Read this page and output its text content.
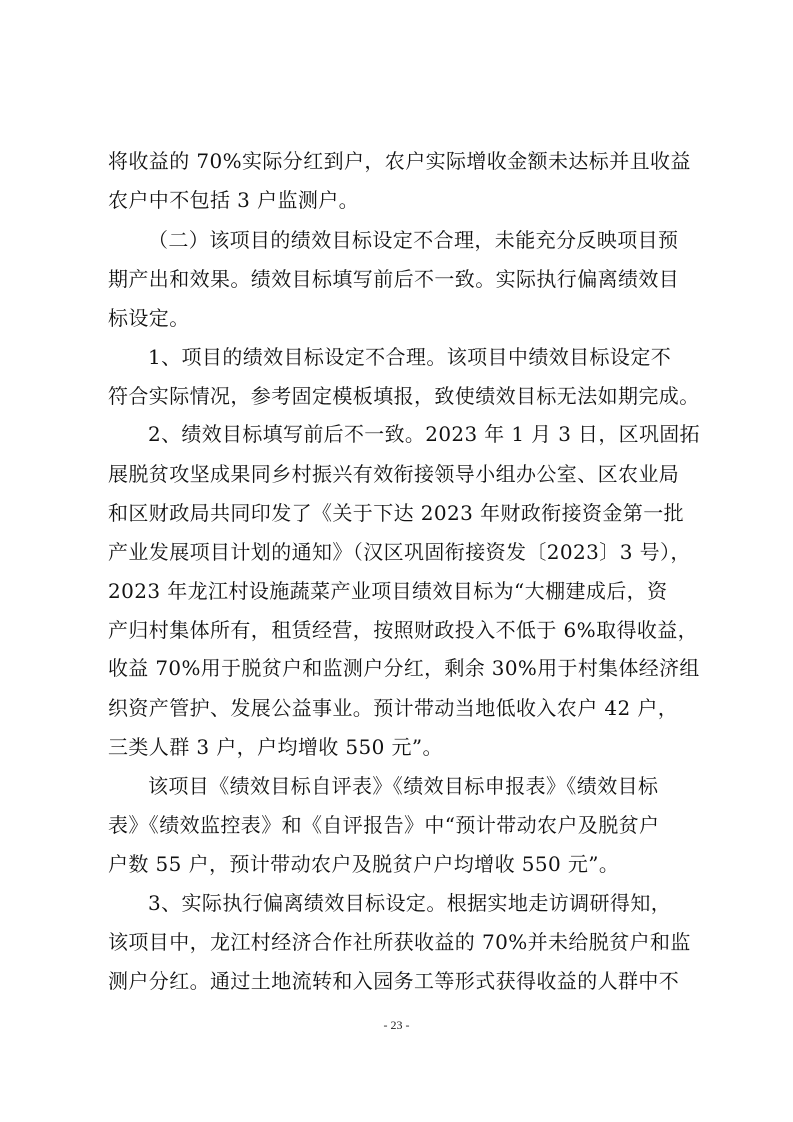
将收益的 70%实际分红到户，农户实际增收金额未达标并且收益
农户中不包括 3 户监测户。
（二）该项目的绩效目标设定不合理，未能充分反映项目预
期产出和效果。绩效目标填写前后不一致。实际执行偏离绩效目
标设定。
1、项目的绩效目标设定不合理。该项目中绩效目标设定不
符合实际情况，参考固定模板填报，致使绩效目标无法如期完成。
2、绩效目标填写前后不一致。2023 年 1 月 3 日，区巩固拓
展脱贫攻坚成果同乡村振兴有效衔接领导小组办公室、区农业局
和区财政局共同印发了《关于下达 2023 年财政衔接资金第一批
产业发展项目计划的通知》（汉区巩固衔接资发〔2023〕3 号），
2023 年龙江村设施蔬菜产业项目绩效目标为“大棚建成后，资
产归村集体所有，租赁经营，按照财政投入不低于 6%取得收益，
收益 70%用于脱贫户和监测户分红，剩余 30%用于村集体经济组
织资产管护、发展公益事业。预计带动当地低收入农户 42 户，
三类人群 3 户，户均增收 550 元”。
该项目《绩效目标自评表》《绩效目标申报表》《绩效目标
表》《绩效监控表》和《自评报告》中“预计带动农户及脱贫户
户数 55 户，预计带动农户及脱贫户户均增收 550 元”。
3、实际执行偏离绩效目标设定。根据实地走访调研得知，
该项目中，龙江村经济合作社所获收益的 70%并未给脱贫户和监
测户分红。通过土地流转和入园务工等形式获得收益的人群中不
- 23 -
